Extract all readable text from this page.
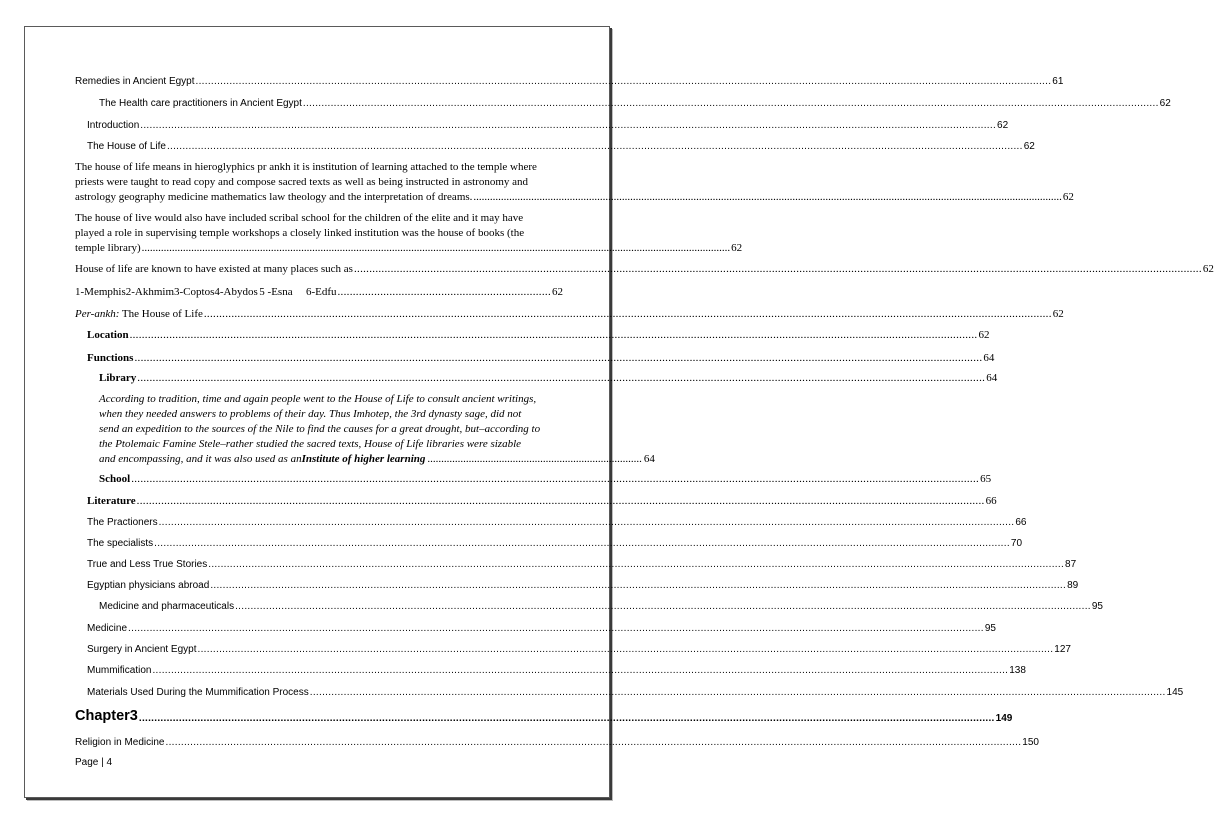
Remedies in Ancient Egypt .....	61
The Health care practitioners in Ancient Egypt .....	62
Introduction .....	62
The House of Life .....	62
The house of life means in hieroglyphics pr ankh it is institution of learning attached to the temple where
priests were taught to read copy and compose sacred texts as well as being instructed in astronomy and
astrology geography medicine mathematics law theology and the interpretation of dreams. .....	62
The house of live would also have included scribal school for the children of the elite and it may have
played a role in supervising temple workshops a closely linked institution was the house of books (the
temple library) .....	62
House of life are known to have existed at many places such as .....	62
1-Memphis 2-Akhmim 3-Coptos 4-Abydos 5 -Esna	6-Edfu ...................................................................... 62
Per-ankh: The House of Life .....	62
Location .....	62
Functions .....	64
Library .....	64
According to tradition, time and again people went to the House of Life to consult ancient writings,
when they needed answers to problems of their day. Thus Imhotep, the 3rd dynasty sage, did not
send an expedition to the sources of the Nile to find the causes for a great drought, but–according to
the Ptolemaic Famine Stele–rather studied the sacred texts, House of Life libraries were sizable
and encompassing, and it was also used as an Institute of higher learning .............................................................................. 64
School .....	65
Literature .....	66
The Practioners .....	66
The specialists .....	70
True and Less True Stories .....	87
Egyptian physicians abroad .....	89
Medicine and pharmaceuticals .....	95
Medicine .....	95
Surgery in Ancient Egypt .....	127
Mummification .....	138
Materials Used During the Mummification Process .....	145
Chapter3 .....	149
Religion in Medicine .....	150
Page | 4
